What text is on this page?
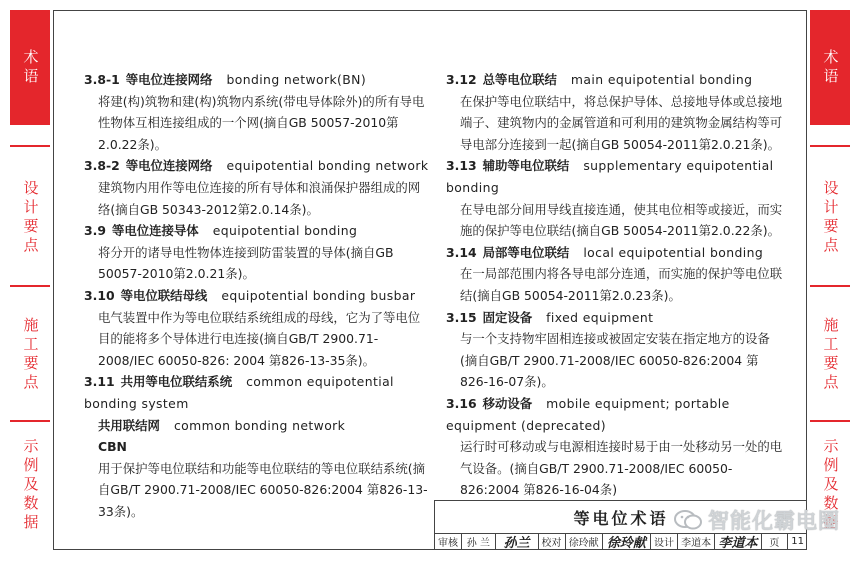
术语
设计要点
施工要点
示例及数据
术语
设计要点
施工要点
示例及数据
3.8-1 等电位连接网络 bonding network(BN)
将建(构)筑物和建(构)筑物内系统(带电导体除外)的所有导电性物体互相连接组成的一个网(摘自GB 50057-2010第2.0.22条)。
3.8-2 等电位连接网络 equipotential bonding network
建筑物内用作等电位连接的所有导体和浪涌保护器组成的网络(摘自GB 50343-2012第2.0.14条)。
3.9 等电位连接导体 equipotential bonding
将分开的诸导电性物体连接到防雷装置的导体(摘自GB 50057-2010第2.0.21条)。
3.10 等电位联结母线 equipotential bonding busbar
电气装置中作为等电位联结系统组成的母线，它为了等电位目的能将多个导体进行电连接(摘自GB/T 2900.71-2008/IEC 60050-826: 2004 第826-13-35条)。
3.11 共用等电位联结系统 common equipotential bonding system
共用联结网 common bonding network
CBN
用于保护等电位联结和功能等电位联结的等电位联结系统(摘自GB/T 2900.71-2008/IEC 60050-826:2004 第826-13-33条)。
3.12 总等电位联结 main equipotential bonding
在保护等电位联结中，将总保护导体、总接地导体或总接地端子、建筑物内的金属管道和可利用的建筑物金属结构等可导电部分连接到一起(摘自GB 50054-2011第2.0.21条)。
3.13 辅助等电位联结 supplementary equipotential bonding
在导电部分间用导线直接连通，使其电位相等或接近，而实施的保护等电位联结(摘自GB 50054-2011第2.0.22条)。
3.14 局部等电位联结 local equipotential bonding
在一局部范围内将各导电部分连通，而实施的保护等电位联结(摘自GB 50054-2011第2.0.23条)。
3.15 固定设备 fixed equipment
与一个支持物牢固相连接或被固定安装在指定地方的设备(摘自GB/T 2900.71-2008/IEC 60050-826:2004 第826-16-07条)。
3.16 移动设备 mobile equipment; portable equipment (deprecated)
运行时可移动或与电源相连接时易于由一处移动另一处的电气设备。(摘自GB/T 2900.71-2008/IEC 60050-826:2004 第826-16-04条)
等电位术语
审核 孙 兰	孙兰	校对 徐玲献 徐玲献 设计 李道本 李道本	页	11
智能化霸电圈
